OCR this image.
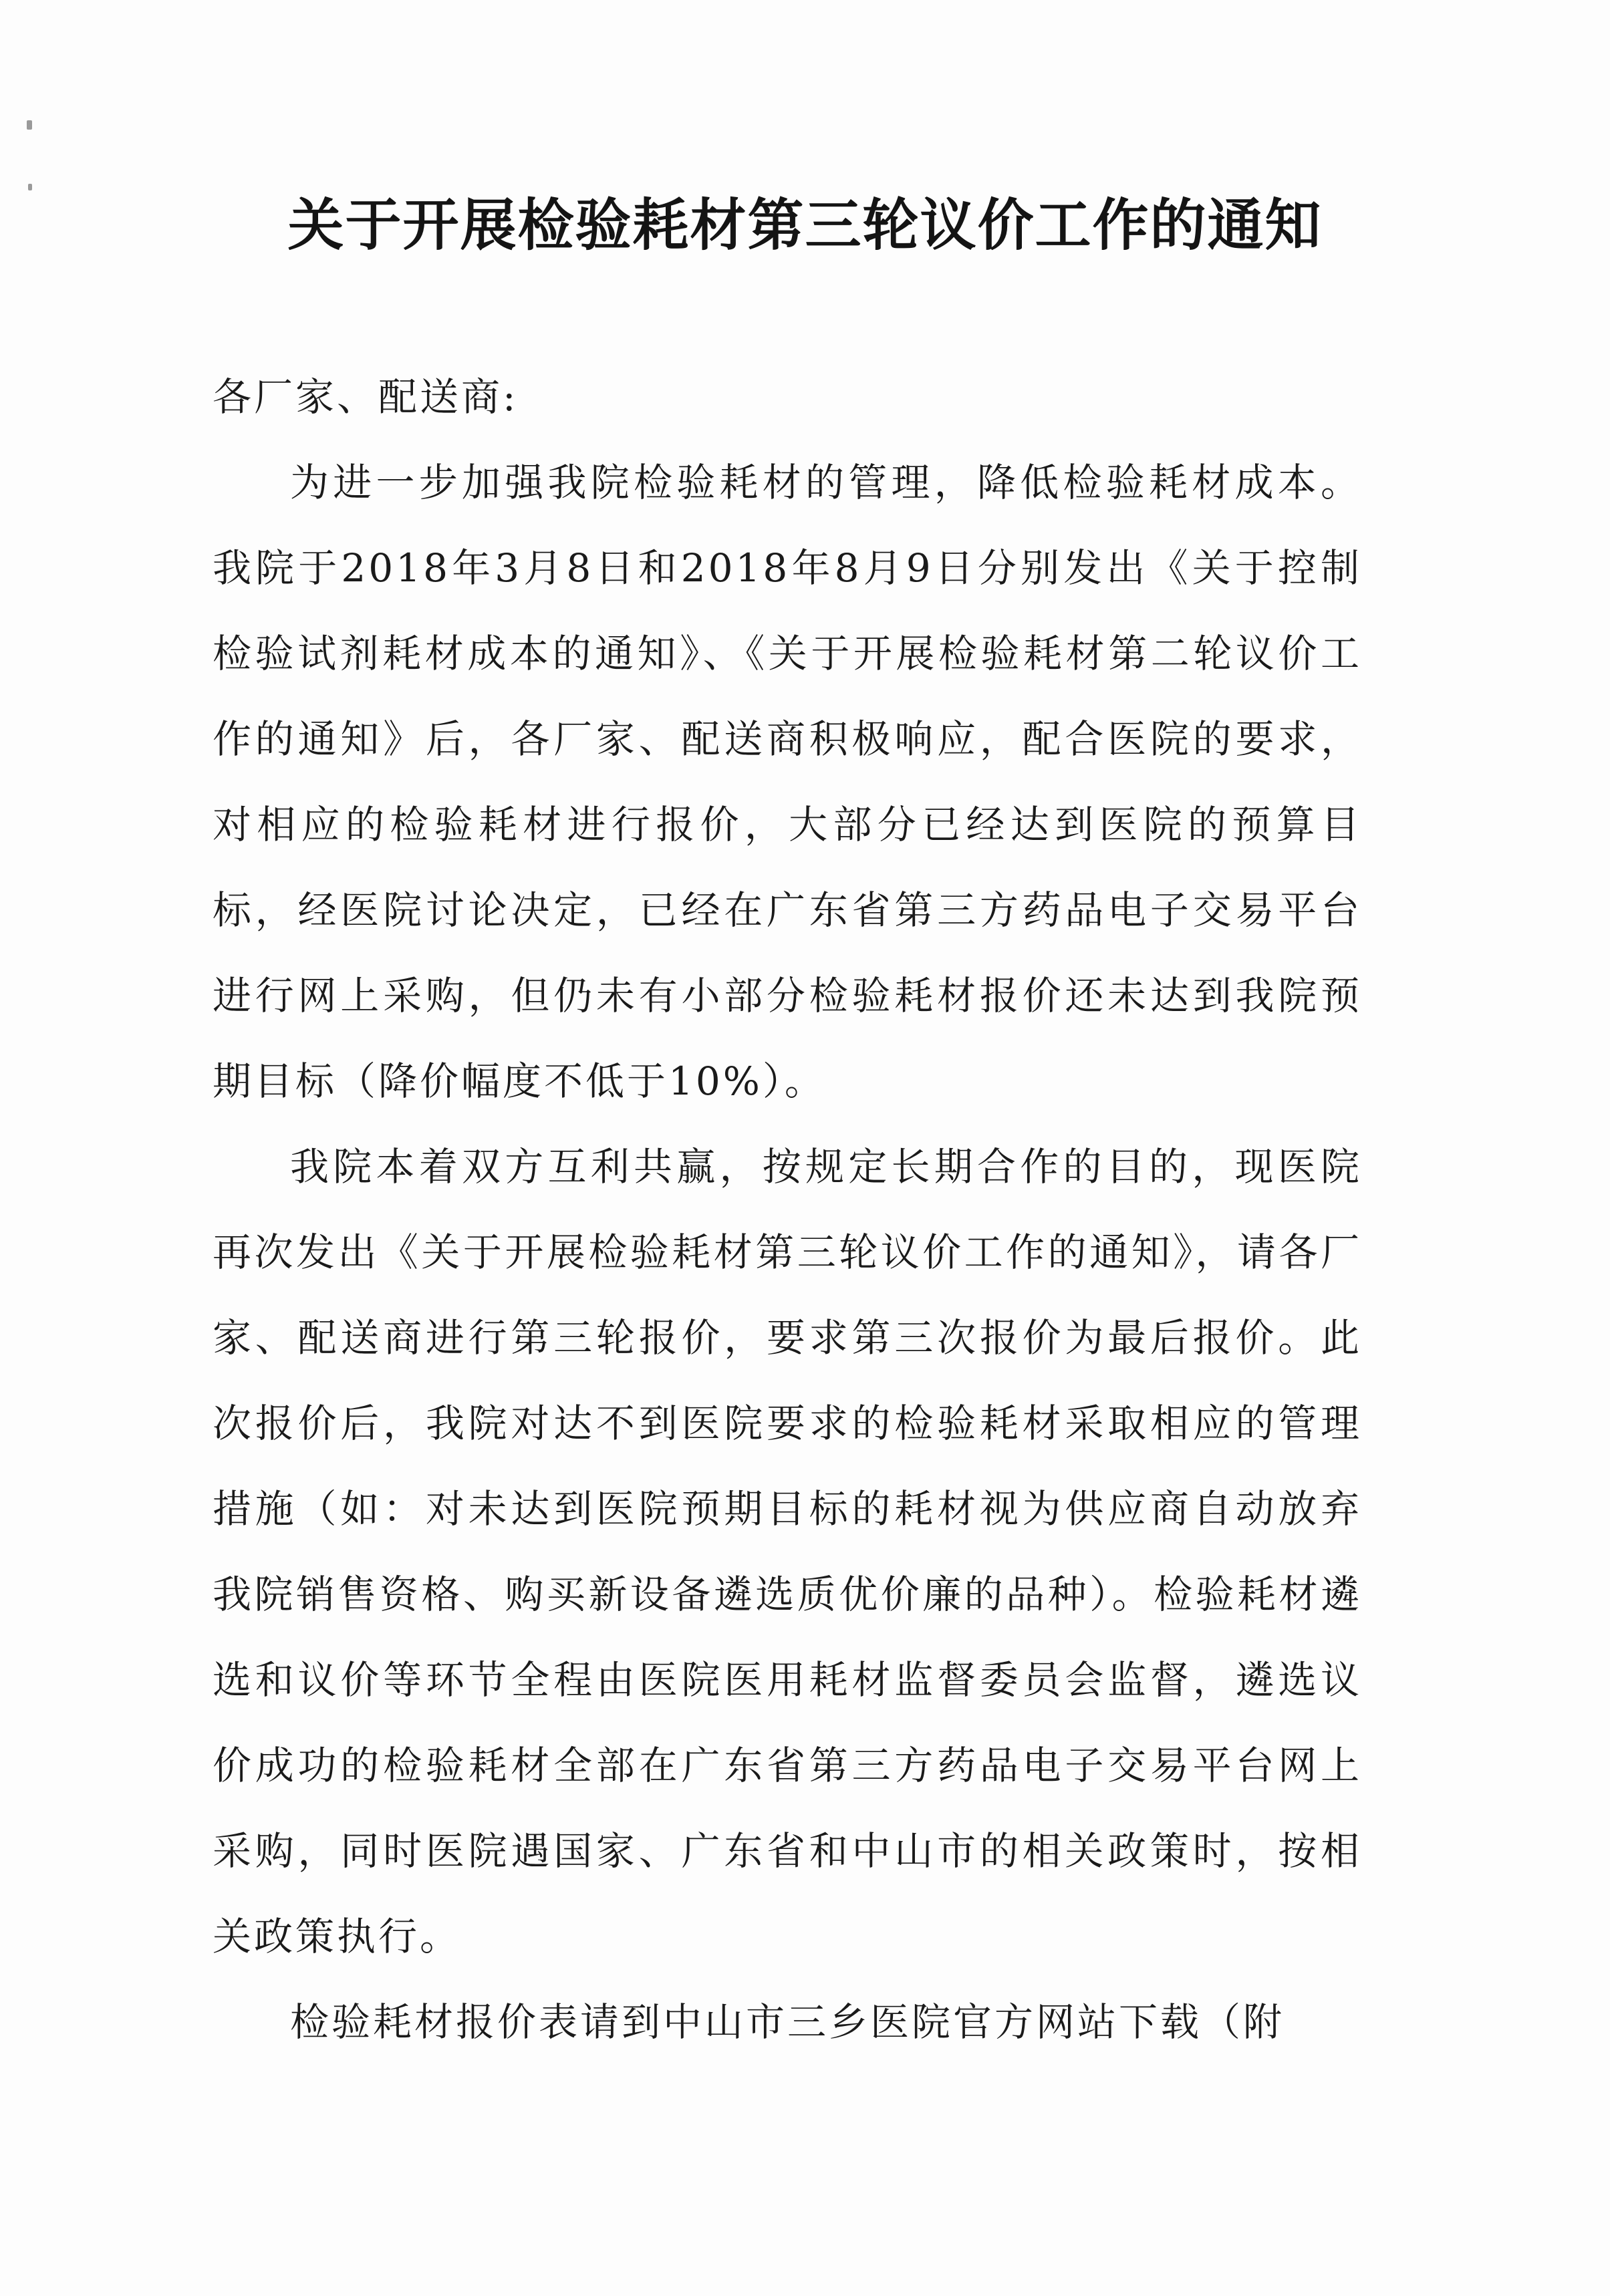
关于开展检验耗材第三轮议价工作的通知

各厂家、配送商:

为进一步加强我院检验耗材的管理，降低检验耗材成本。我院于2018年3月8日和2018年8月9日分别发出《关于控制检验试剂耗材成本的通知》、《关于开展检验耗材第二轮议价工作的通知》后，各厂家、配送商积极响应，配合医院的要求，对相应的检验耗材进行报价，大部分已经达到医院的预算目标，经医院讨论决定，已经在广东省第三方药品电子交易平台进行网上采购，但仍未有小部分检验耗材报价还未达到我院预期目标（降价幅度不低于10%）。

我院本着双方互利共赢，按规定长期合作的目的，现医院再次发出《关于开展检验耗材第三轮议价工作的通知》，请各厂家、配送商进行第三轮报价，要求第三次报价为最后报价。此次报价后，我院对达不到医院要求的检验耗材采取相应的管理措施（如：对未达到医院预期目标的耗材视为供应商自动放弃我院销售资格、购买新设备遴选质优价廉的品种）。检验耗材遴选和议价等环节全程由医院医用耗材监督委员会监督，遴选议价成功的检验耗材全部在广东省第三方药品电子交易平台网上采购，同时医院遇国家、广东省和中山市的相关政策时，按相关政策执行。

检验耗材报价表请到中山市三乡医院官方网站下载（附
